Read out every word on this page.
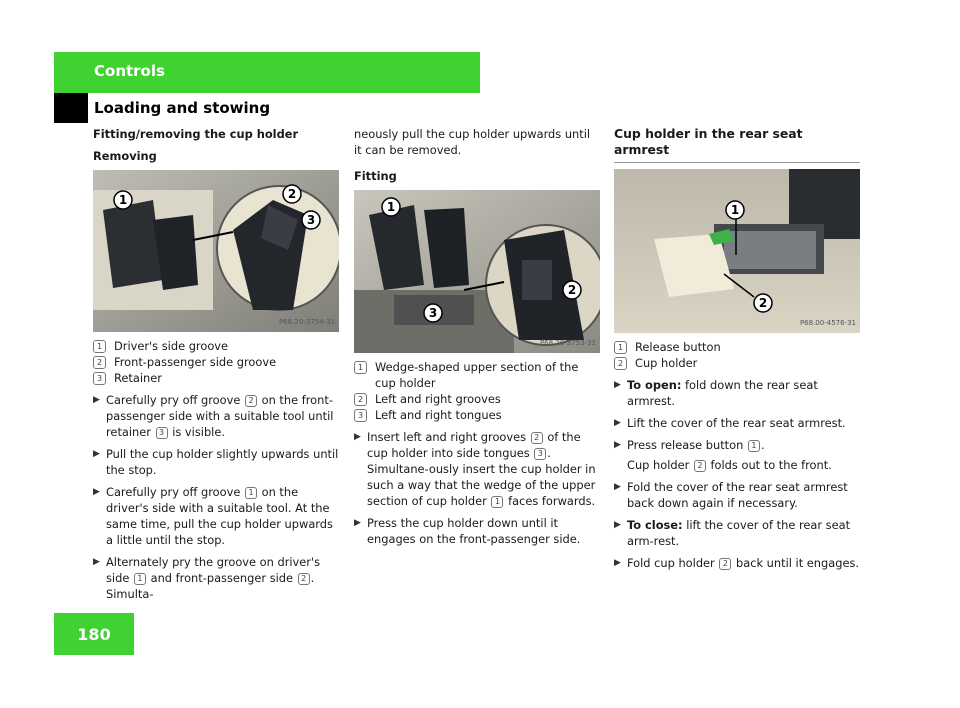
Controls
Loading and stowing

Fitting/removing the cup holder

Removing

1	2
3
P68.20-3754-31
1	Driver's side groove
2	Front-passenger side groove
3	Retainer
▶ Carefully pry off groove 2 on the front-passenger side with a suitable tool until retainer 3 is visible.
▶ Pull the cup holder slightly upwards until the stop.
▶ Carefully pry off groove 1 on the driver's side with a suitable tool. At the same time, pull the cup holder upwards a little until the stop.
▶ Alternately pry the groove on driver's side 1 and front-passenger side 2 . Simulta-

neously pull the cup holder upwards until it can be removed.

Fitting

1
2
3
P68.20-3753-31
1	Wedge-shaped upper section of the cup holder
2	Left and right grooves
3	Left and right tongues
▶ Insert left and right grooves 2 of the cup holder into side tongues 3 . Simultane-ously insert the cup holder in such a way that the wedge of the upper section of cup holder 1 faces forwards.
▶ Press the cup holder down until it engages on the front-passenger side.
Cup holder in the rear seat armrest
1
2
P68.00-4576-31
1	Release button
2	Cup holder
▶ To open: fold down the rear seat armrest.
▶ Lift the cover of the rear seat armrest.
▶ Press release button 1 .
Cup holder 2 folds out to the front.
▶ Fold the cover of the rear seat armrest back down again if necessary.
▶ To close: lift the cover of the rear seat arm-rest.
▶ Fold cup holder 2 back until it engages.
180
